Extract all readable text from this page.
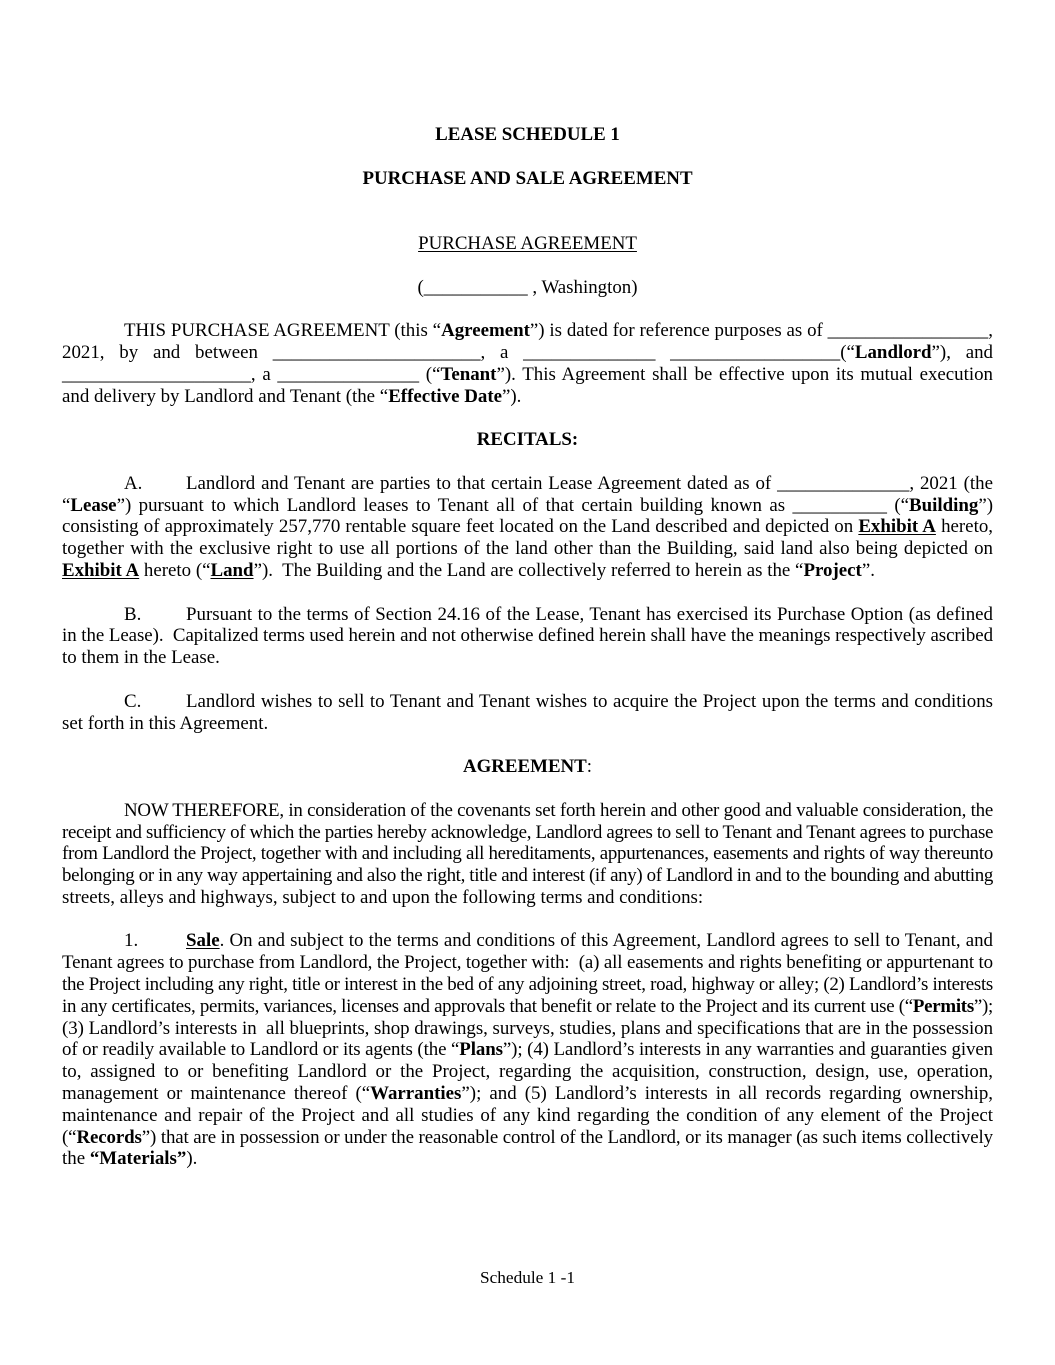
LEASE SCHEDULE 1
PURCHASE AND SALE AGREEMENT
PURCHASE AGREEMENT
(___________ , Washington)
THIS PURCHASE AGREEMENT (this “Agreement”) is dated for reference purposes as of _________________,
2021, by and between ______________________, a ______________ __________________(“Landlord”), and
____________________, a _______________ (“Tenant”). This Agreement shall be effective upon its mutual execution
and delivery by Landlord and Tenant (the “Effective Date”).
RECITALS:
A. Landlord and Tenant are parties to that certain Lease Agreement dated as of ______________, 2021 (the
“Lease”) pursuant to which Landlord leases to Tenant all of that certain building known as __________ (“Building”)
consisting of approximately 257,770 rentable square feet located on the Land described and depicted on Exhibit A hereto,
together with the exclusive right to use all portions of the land other than the Building, said land also being depicted on
Exhibit A hereto (“Land”).  The Building and the Land are collectively referred to herein as the “Project”.
B. Pursuant to the terms of Section 24.16 of the Lease, Tenant has exercised its Purchase Option (as defined
in the Lease).  Capitalized terms used herein and not otherwise defined herein shall have the meanings respectively ascribed
to them in the Lease.
C. Landlord wishes to sell to Tenant and Tenant wishes to acquire the Project upon the terms and conditions
set forth in this Agreement.
AGREEMENT:
NOW THEREFORE, in consideration of the covenants set forth herein and other good and valuable consideration, the
receipt and sufficiency of which the parties hereby acknowledge, Landlord agrees to sell to Tenant and Tenant agrees to purchase
from Landlord the Project, together with and including all hereditaments, appurtenances, easements and rights of way thereunto
belonging or in any way appertaining and also the right, title and interest (if any) of Landlord in and to the bounding and abutting
streets, alleys and highways, subject to and upon the following terms and conditions:
1.	Sale. On and subject to the terms and conditions of this Agreement, Landlord agrees to sell to Tenant, and
Tenant agrees to purchase from Landlord, the Project, together with:  (a) all easements and rights benefiting or appurtenant to
the Project including any right, title or interest in the bed of any adjoining street, road, highway or alley; (2) Landlord’s interests
in any certificates, permits, variances, licenses and approvals that benefit or relate to the Project and its current use (“Permits”);
(3) Landlord’s interests in  all blueprints, shop drawings, surveys, studies, plans and specifications that are in the possession
of or readily available to Landlord or its agents (the “Plans”); (4) Landlord’s interests in any warranties and guaranties given
to, assigned to or benefiting Landlord or the Project, regarding the acquisition, construction, design, use, operation,
management or maintenance thereof (“Warranties”); and (5) Landlord’s interests in all records regarding ownership,
maintenance and repair of the Project and all studies of any kind regarding the condition of any element of the Project
(“Records”) that are in possession or under the reasonable control of the Landlord, or its manager (as such items collectively
the “Materials”).
Schedule 1 -1
